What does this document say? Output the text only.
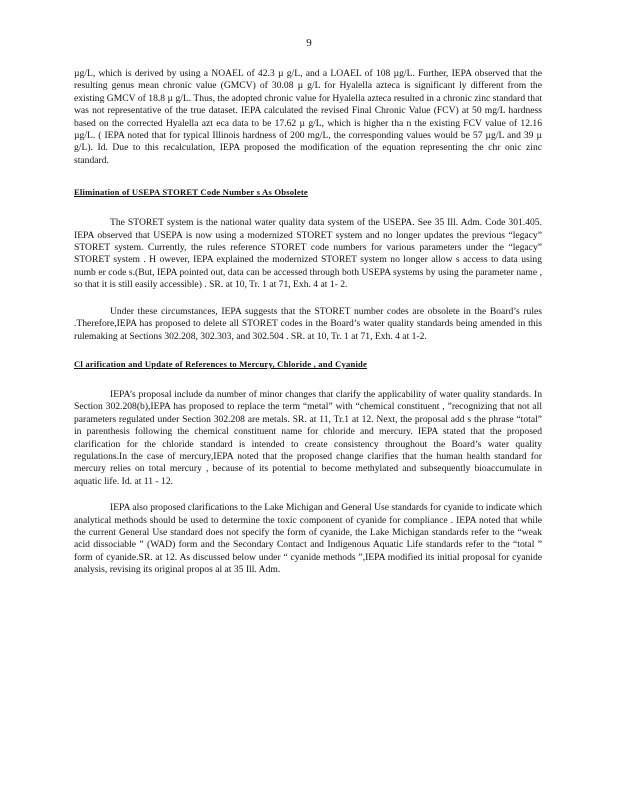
9

µg/L, which is derived by using a NOAEL of 42.3 µ g/L, and a LOAEL of 108 µg/L. Further, IEPA observed that the resulting genus mean chronic value (GMCV) of 30.08 µ g/L for Hyalella azteca is significant ly different from the existing GMCV of 18.8 µ g/L. Thus, the adopted chronic value for Hyalella azteca resulted in a chronic zinc standard that was not representative of the true dataset. IEPA calculated the revised Final Chronic Value (FCV) at 50 mg/L hardness based on the corrected Hyalella azt eca data to be 17.62 µ g/L, which is higher tha n the existing FCV value of 12.16 µg/L. ( IEPA noted that for typical Illinois hardness of 200 mg/L, the corresponding values would be 57 µg/L and 39 µ g/L). Id. Due to this recalculation, IEPA proposed the modification of the equation representing the chr onic zinc standard.

Elimination of USEPA STORET Code Number s As Obsolete

The STORET system is the national water quality data system of the USEPA. See 35 Ill. Adm. Code 301.405. IEPA observed that USEPA is now using a modernized STORET system and no longer updates the previous “legacy” STORET system. Currently, the rules reference STORET code numbers for various parameters under the “legacy” STORET system . H owever, IEPA explained the modernized STORET system no longer allow s access to data using numb er code s.(But, IEPA pointed out, data can be accessed through both USEPA systems by using the parameter name , so that it is still easily accessible) . SR. at 10, Tr. 1 at 71, Exh. 4 at 1- 2.

Under these circumstances, IEPA suggests that the STORET number codes are obsolete in the Board’s rules .Therefore,IEPA has proposed to delete all STORET codes in the Board’s water quality standards being amended in this rulemaking at Sections 302.208, 302.303, and 302.504 . SR. at 10, Tr. 1 at 71, Exh. 4 at 1-2.

Cl arification and Update of References to Mercury, Chloride , and Cyanide

IEPA’s proposal include da number of minor changes that clarify the applicability of water quality standards. In Section 302.208(b),IEPA has proposed to replace the term “metal” with “chemical constituent , ”recognizing that not all parameters regulated under Section 302.208 are metals. SR. at 11, Tr.1 at 12. Next, the proposal add s the phrase “total” in parenthesis following the chemical constituent name for chloride and mercury. IEPA stated that the proposed clarification for the chloride standard is intended to create consistency throughout the Board’s water quality regulations.In the case of mercury,IEPA noted that the proposed change clarifies that the human health standard for mercury relies on total mercury , because of its potential to become methylated and subsequently bioaccumulate in aquatic life. Id. at 11 - 12.

IEPA also proposed clarifications to the Lake Michigan and General Use standards for cyanide to indicate which analytical methods should be used to determine the toxic component of cyanide for compliance . IEPA noted that while the current General Use standard does not specify the form of cyanide, the Lake Michigan standards refer to the “weak acid dissociable ” (WAD) form and the Secondary Contact and Indigenous Aquatic Life standards refer to the “total ” form of cyanide.SR. at 12. As discussed below under “ cyanide methods ”,IEPA modified its initial proposal for cyanide analysis, revising its original propos al at 35 Ill. Adm.
